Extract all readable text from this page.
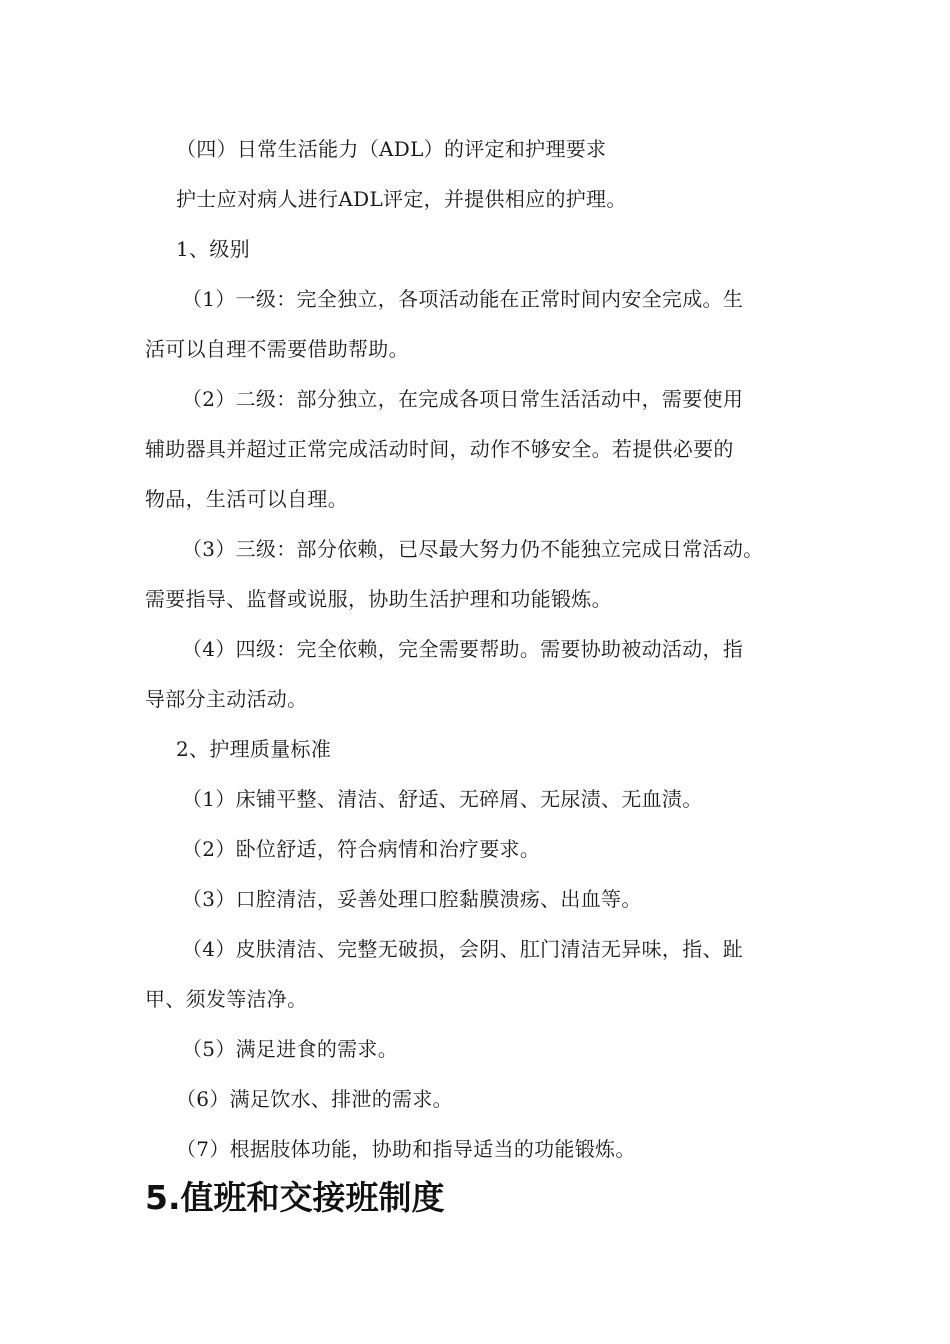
（四）日常生活能力（ADL）的评定和护理要求
护士应对病人进行ADL评定，并提供相应的护理。
1、级别
（1）一级：完全独立，各项活动能在正常时间内安全完成。生
活可以自理不需要借助帮助。
（2）二级：部分独立，在完成各项日常生活活动中，需要使用
辅助器具并超过正常完成活动时间，动作不够安全。若提供必要的
物品，生活可以自理。
（3）三级：部分依赖，已尽最大努力仍不能独立完成日常活动。
需要指导、监督或说服，协助生活护理和功能锻炼。
（4）四级：完全依赖，完全需要帮助。需要协助被动活动，指
导部分主动活动。
2、护理质量标准
（1）床铺平整、清洁、舒适、无碎屑、无尿渍、无血渍。
（2）卧位舒适，符合病情和治疗要求。
（3）口腔清洁，妥善处理口腔黏膜溃疡、出血等。
（4）皮肤清洁、完整无破损，会阴、肛门清洁无异味，指、趾
甲、须发等洁净。
（5）满足进食的需求。
（6）满足饮水、排泄的需求。
（7）根据肢体功能，协助和指导适当的功能锻炼。
5.值班和交接班制度
